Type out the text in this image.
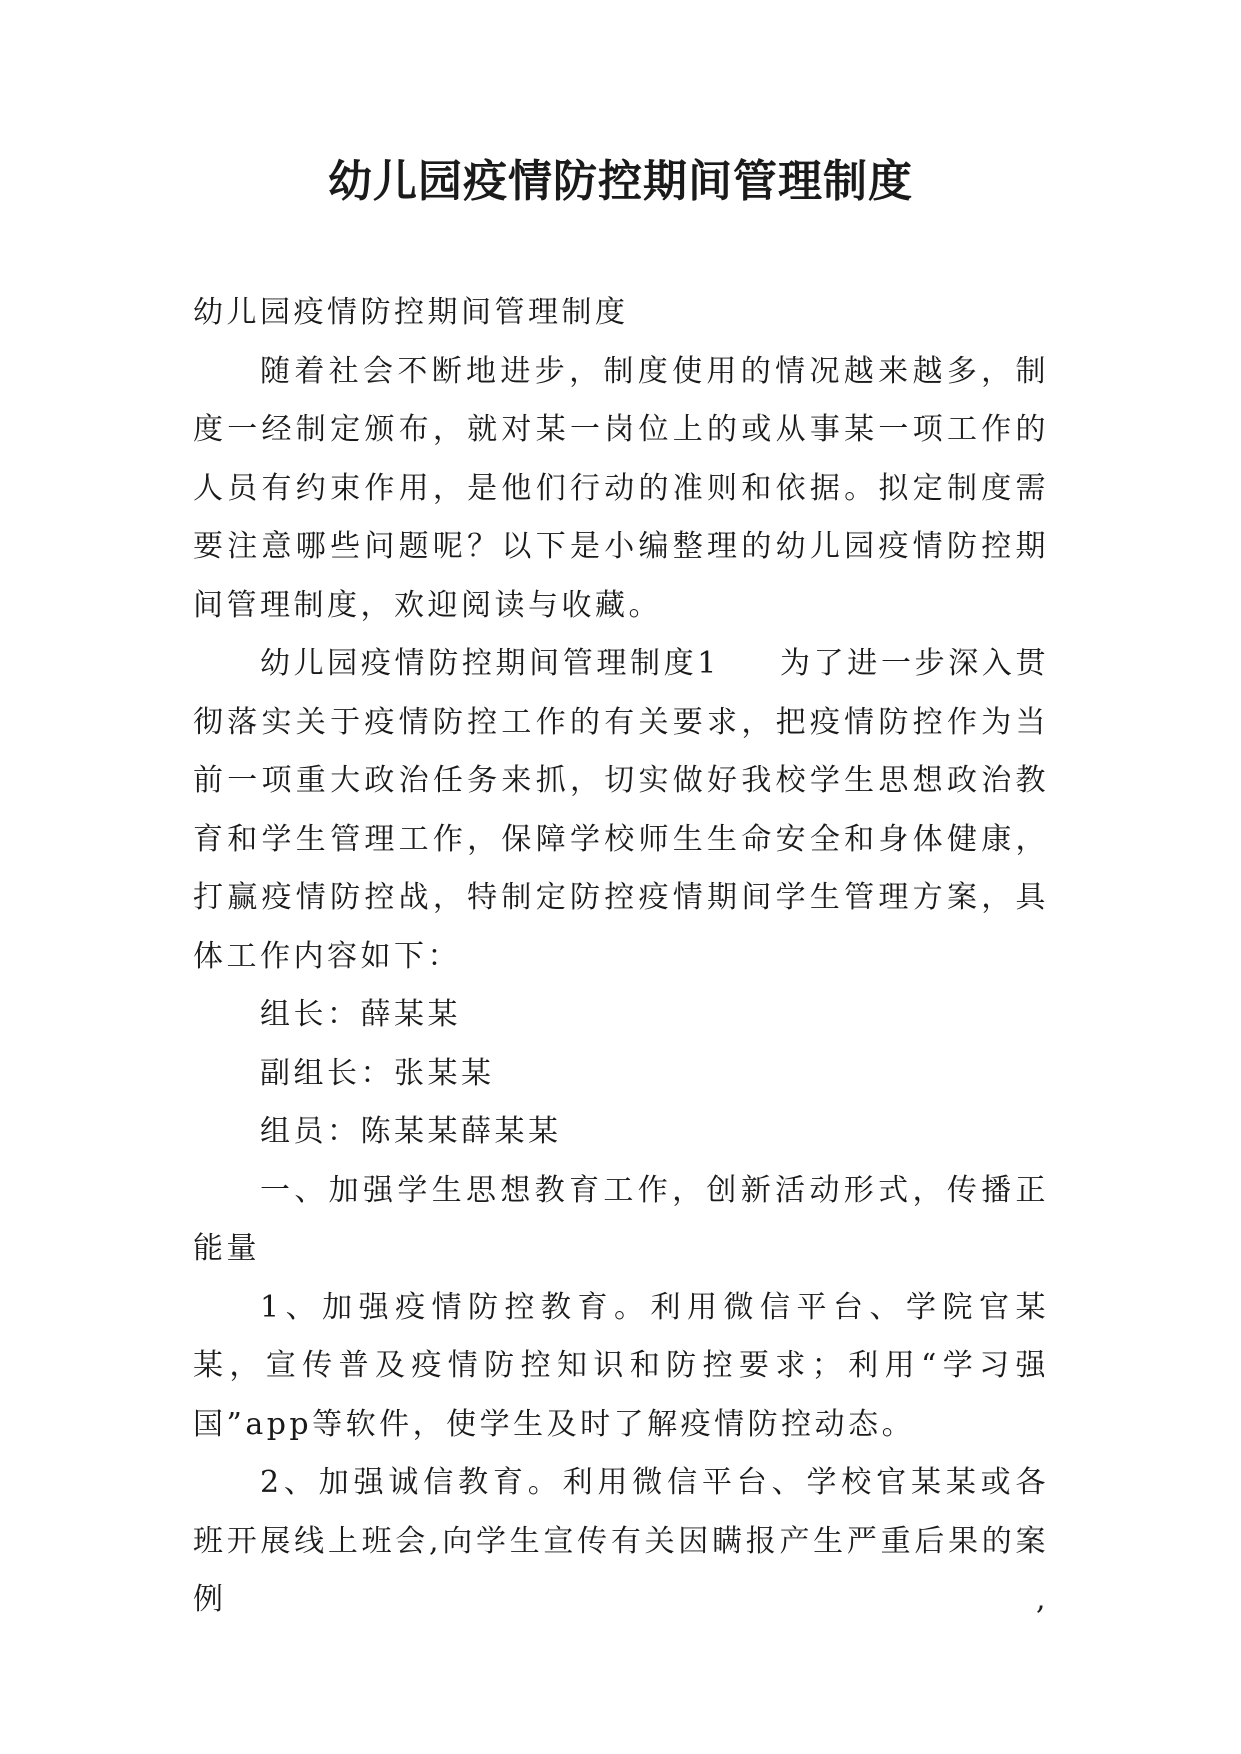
幼儿园疫情防控期间管理制度

幼儿园疫情防控期间管理制度

随着社会不断地进步，制度使用的情况越来越多，制度一经制定颁布，就对某一岗位上的或从事某一项工作的人员有约束作用，是他们行动的准则和依据。拟定制度需要注意哪些问题呢？以下是小编整理的幼儿园疫情防控期间管理制度，欢迎阅读与收藏。

幼儿园疫情防控期间管理制度1 为了进一步深入贯彻落实关于疫情防控工作的有关要求，把疫情防控作为当前一项重大政治任务来抓，切实做好我校学生思想政治教育和学生管理工作，保障学校师生生命安全和身体健康，打赢疫情防控战，特制定防控疫情期间学生管理方案，具体工作内容如下：

组长：薛某某

副组长：张某某

组员：陈某某薛某某

一、加强学生思想教育工作，创新活动形式，传播正能量

1、加强疫情防控教育。利用微信平台、学院官某某，宣传普及疫情防控知识和防控要求；利用“学习强国”app等软件，使学生及时了解疫情防控动态。

2、加强诚信教育。利用微信平台、学校官某某或各班开展线上班会,向学生宣传有关因瞒报产生严重后果的案例,
